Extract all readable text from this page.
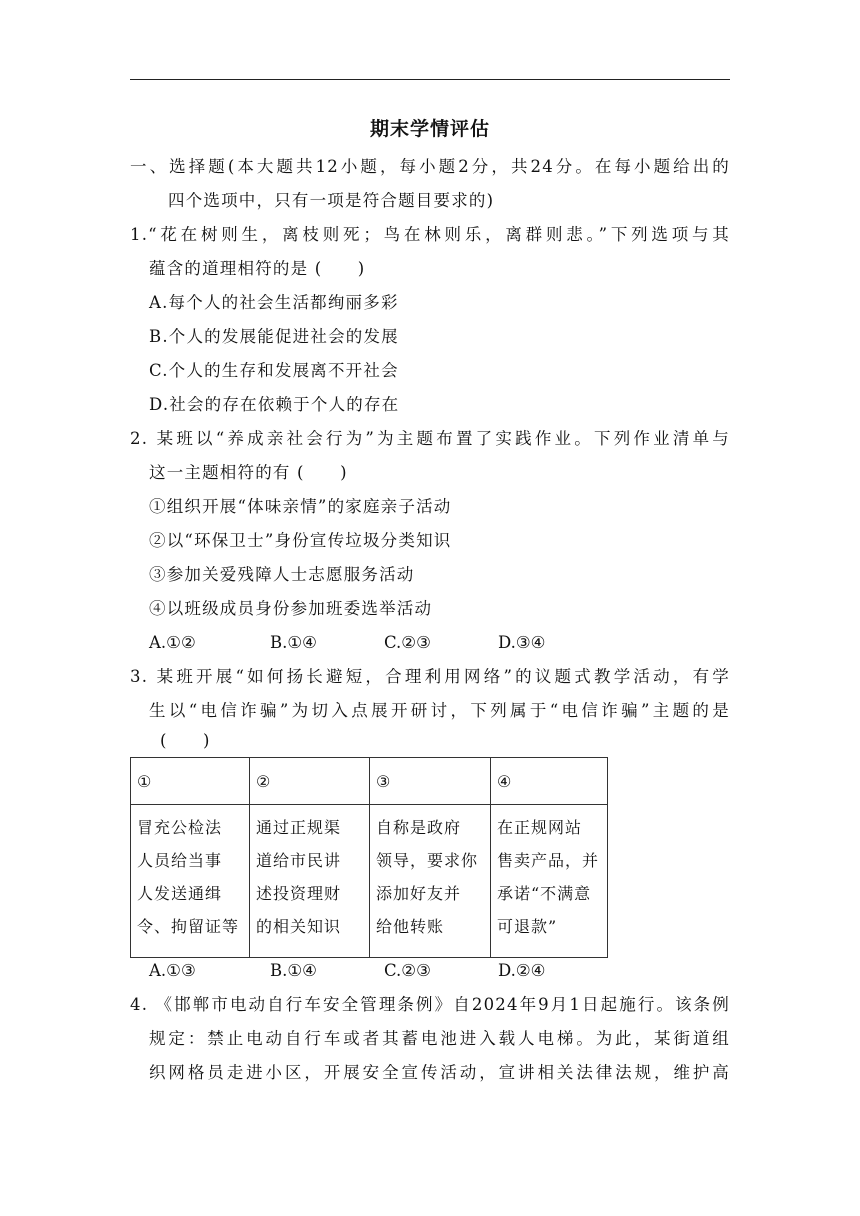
期末学情评估
一、选择题(本大题共12小题，每小题2分，共24分。在每小题给出的
四个选项中，只有一项是符合题目要求的)
1.“花在树则生，离枝则死；鸟在林则乐，离群则悲。”下列选项与其
蕴含的道理相符的是 (　　)
A.每个人的社会生活都绚丽多彩
B.个人的发展能促进社会的发展
C.个人的生存和发展离不开社会
D.社会的存在依赖于个人的存在
2. 某班以“养成亲社会行为”为主题布置了实践作业。下列作业清单与
这一主题相符的有 (　　)
①组织开展“体味亲情”的家庭亲子活动
②以“环保卫士”身份宣传垃圾分类知识
③参加关爱残障人士志愿服务活动
④以班级成员身份参加班委选举活动
A.①②	B.①④	C.②③	D.③④
3. 某班开展“如何扬长避短，合理利用网络”的议题式教学活动，有学
生以“电信诈骗”为切入点展开研讨，下列属于“电信诈骗”主题的是
(　　)
①	②	③	④

冒充公检法
人员给当事
人发送通缉
令、拘留证等	通过正规渠
道给市民讲
述投资理财
的相关知识	自称是政府
领导，要求你
添加好友并
给他转账	在正规网站
售卖产品，并
承诺“不满意
可退款”
A.①③	B.①④	C.②③	D.②④
4. 《邯郸市电动自行车安全管理条例》自2024年9月1日起施行。该条例
规定：禁止电动自行车或者其蓄电池进入载人电梯。为此，某街道组
织网格员走进小区，开展安全宣传活动，宣讲相关法律法规，维护高
